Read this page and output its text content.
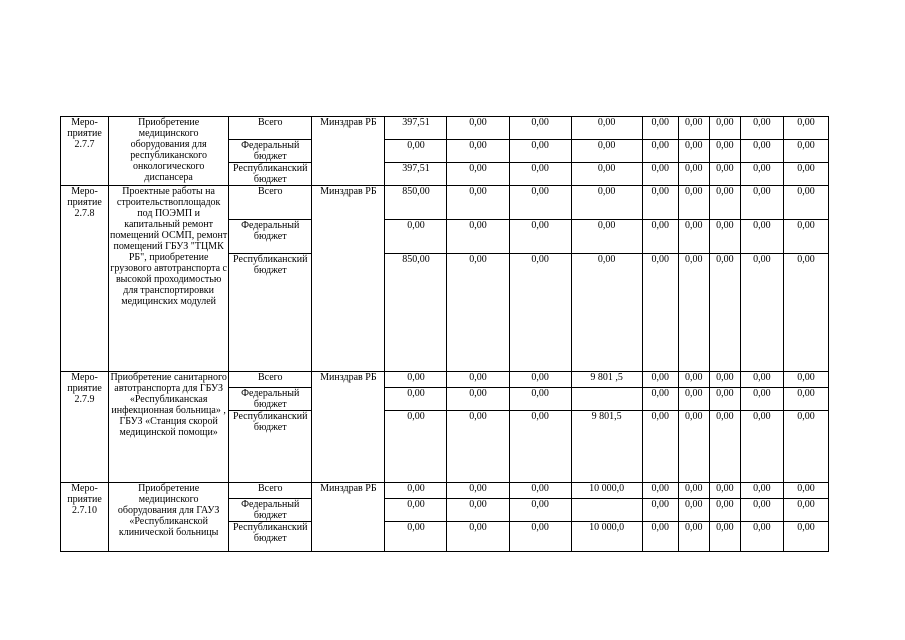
Меро-приятие 2.7.7	Приобретение медицинского оборудования для республиканского онкологического диспансера	Всего	Минздрав РБ	397,51	0,00	0,00	0,00	0,00	0,00	0,00	0,00	0,00
		Федеральный бюджет		0,00	0,00	0,00	0,00	0,00	0,00	0,00	0,00	0,00
		Республиканский бюджет		397,51	0,00	0,00	0,00	0,00	0,00	0,00	0,00	0,00
Меро-приятие 2.7.8	Проектные работы на строительствоплощадок под ПОЭМП и капитальный ремонт помещений ОСМП, ремонт помещений ГБУЗ "ТЦМК РБ", приобретение грузового автотранспорта с высокой проходимостью для транспортировки медицинских модулей	Всего	Минздрав РБ	850,00	0,00	0,00	0,00	0,00	0,00	0,00	0,00	0,00
		Федеральный бюджет		0,00	0,00	0,00	0,00	0,00	0,00	0,00	0,00	0,00
		Республиканский бюджет		850,00	0,00	0,00	0,00	0,00	0,00	0,00	0,00	0,00
Меро-приятие 2.7.9	Приобретение санитарного автотранспорта для ГБУЗ «Республиканская инфекционная больница» , ГБУЗ «Станция скорой медицинской помощи»	Всего	Минздрав РБ	0,00	0,00	0,00	9 801 ,5	0,00	0,00	0,00	0,00	0,00
		Федеральный бюджет		0,00	0,00	0,00		0,00	0,00	0,00	0,00	0,00
		Республиканский бюджет		0,00	0,00	0,00	9 801,5	0,00	0,00	0,00	0,00	0,00
Меро-приятие 2.7.10	Приобретение медицинского оборудования для ГАУЗ «Республиканской клинической больницы	Всего	Минздрав РБ	0,00	0,00	0,00	10 000,0	0,00	0,00	0,00	0,00	0,00
		Федеральный бюджет		0,00	0,00	0,00		0,00	0,00	0,00	0,00	0,00
		Республиканский бюджет		0,00	0,00	0,00	10 000,0	0,00	0,00	0,00	0,00	0,00
